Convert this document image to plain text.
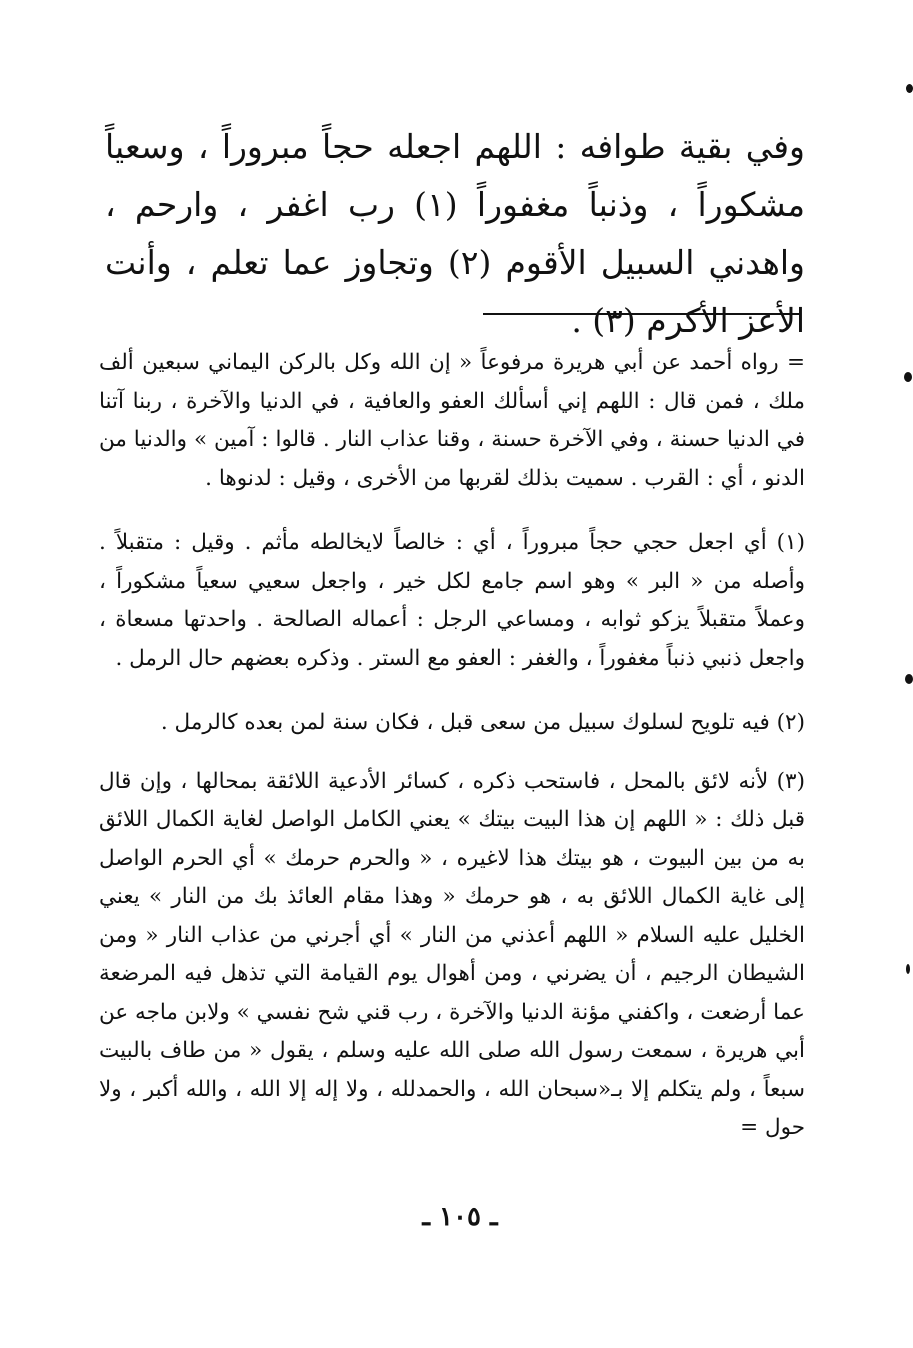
وفي بقية طوافه : اللهم اجعله حجاً مبروراً ، وسعياً مشكوراً ، وذنباً مغفوراً (١) رب اغفر ، وارحم ، واهدني السبيل الأقوم (٢) وتجاوز عما تعلم ، وأنت الأعز الأكرم (٣) .

= رواه أحمد عن أبي هريرة مرفوعاً « إن الله وكل بالركن اليماني سبعين ألف ملك ، فمن قال : اللهم إني أسألك العفو والعافية ، في الدنيا والآخرة ، ربنا آتنا في الدنيا حسنة ، وفي الآخرة حسنة ، وقنا عذاب النار . قالوا : آمين » والدنيا من الدنو ، أي : القرب . سميت بذلك لقربها من الأخرى ، وقيل : لدنوها .

(١) أي اجعل حجي حجاً مبروراً ، أي : خالصاً لايخالطه مأثم . وقيل : متقبلاً . وأصله من « البر » وهو اسم جامع لكل خير ، واجعل سعيي سعياً مشكوراً ، وعملاً متقبلاً يزكو ثوابه ، ومساعي الرجل : أعماله الصالحة . واحدتها مسعاة ، واجعل ذنبي ذنباً مغفوراً ، والغفر : العفو مع الستر . وذكره بعضهم حال الرمل .

(٢) فيه تلويح لسلوك سبيل من سعى قبل ، فكان سنة لمن بعده كالرمل .

(٣) لأنه لائق بالمحل ، فاستحب ذكره ، كسائر الأدعية اللائقة بمحالها ، وإن قال قبل ذلك : « اللهم إن هذا البيت بيتك » يعني الكامل الواصل لغاية الكمال اللائق به من بين البيوت ، هو بيتك هذا لاغيره ، « والحرم حرمك » أي الحرم الواصل إلى غاية الكمال اللائق به ، هو حرمك « وهذا مقام العائذ بك من النار » يعني الخليل عليه السلام « اللهم أعذني من النار » أي أجرني من عذاب النار « ومن الشيطان الرجيم ، أن يضرني ، ومن أهوال يوم القيامة التي تذهل فيه المرضعة عما أرضعت ، واكفني مؤنة الدنيا والآخرة ، رب قني شح نفسي » ولابن ماجه عن أبي هريرة ، سمعت رسول الله صلى الله عليه وسلم ، يقول « من طاف بالبيت سبعاً ، ولم يتكلم إلا بـ«سبحان الله ، والحمدلله ، ولا إله إلا الله ، والله أكبر ، ولا حول =

ـ ١٠٥ ـ
